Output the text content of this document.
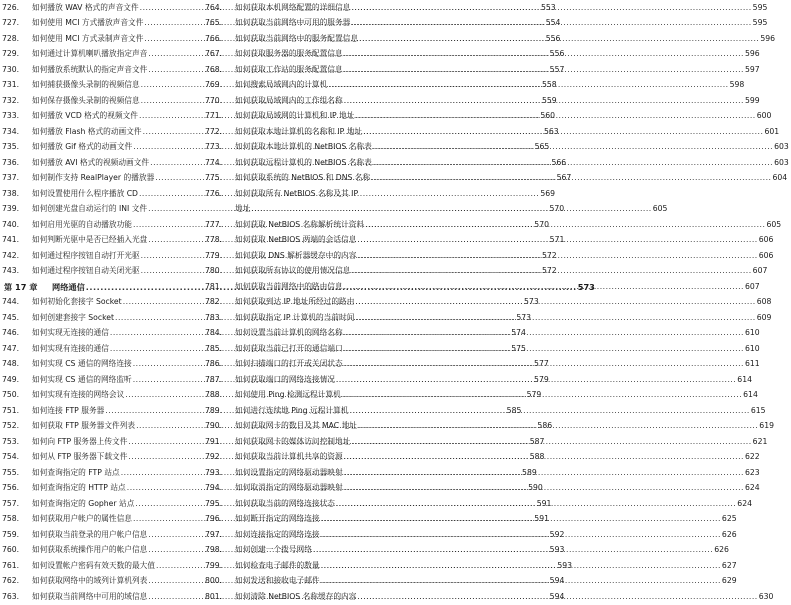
726.	如何播放 WAV 格式的声音文件 .....	553
727.	如何使用 MCI 方式播放声音文件 .....	554
728.	如何使用 MCI 方式录制声音文件 .....	556
729.	如何通过计算机喇叭播放指定声音 .....	556
730.	如何播放系统默认的指定声音文件 .....	557
731.	如何捕获摄像头录制的视频信息 .....	558
732.	如何保存摄像头录制的视频信息 .....	559
733.	如何播放 VCD 格式的视频文件 .....	560
734.	如何播放 Flash 格式的动画文件 .....	563
735.	如何播放 Gif 格式的动画文件 .....	565
736.	如何播放 AVI 格式的视频动画文件 .....	566
737.	如何制作支持 RealPlayer 的播放器 .....	567
738.	如何设置使用什么程序播放 CD .....	569
739.	如何创建光盘自动运行的 INI 文件 .....	570
740.	如何启用光驱的自动播放功能 .....	570
741.	如何判断光驱中是否已经插入光盘 .....	571
742.	如何通过程序按钮自动打开光驱 .....	572
743.	如何通过程序按钮自动关闭光驱 .....	572
第 17 章	网络通信 .....	573
744.	如何初始化套接字 Socket .....	573
745.	如何创建套接字 Socket .....	573
746.	如何实现无连接的通信 .....	574
747.	如何实现有连接的通信 .....	575
748.	如何实现 CS 通信的网络连接 .....	577
749.	如何实现 CS 通信的网络监听 .....	579
750.	如何实现有连接的网络会议 .....	579
751.	如何连接 FTP 服务器 .....	585
752.	如何获取 FTP 服务器文件列表 .....	586
753.	如何向 FTP 服务器上传文件 .....	587
754.	如何从 FTP 服务器下载文件 .....	588
755.	如何查询指定的 FTP 站点 .....	589
756.	如何查询指定的 HTTP 站点 .....	590
757.	如何查询指定的 Gopher 站点 .....	591
758.	如何获取用户帐户的属性信息 .....	591
759.	如何获取当前登录的用户帐户信息 .....	592
760.	如何获取系统操作用户的帐户信息 .....	593
761.	如何设置帐户密码有效天数的最大值 .....	593
762.	如何获取网络中的域列计算机列表 .....	594
763.	如何获取当前网络中可用的域信息 .....	594
764.	如何获取本机网络配置的详细信息 .....	595
765.	如何获取当前网络中可用的服务器 .....	595
766.	如何获取当前网络中的服务配置信息 .....	596
767.	如何获取服务器的服务配置信息 .....	596
768.	如何获取工作站的服务配置信息 .....	597
769.	如何搜索局域网内的计算机 .....	598
770.	如何获取局域网内的工作组名称 .....	599
771.	如何获取局域网的计算机和 IP 地址 .....	600
772.	如何获取本地计算机的名称和 IP 地址 .....	601
773.	如何获取本地计算机的 NetBIOS 名称表 .....	603
774.	如何获取远程计算机的 NetBIOS 名称表 .....	603
775.	如何获取系统的 NetBIOS 和 DNS 名称 .....	604
776.	如何获取所有 NetBIOS 名称及其 IP
地址 .....	605
777.	如何获取 NetBIOS 名称解析统计资料 .....	605
778.	如何获取 NetBIOS 两端的会话信息 .....	606
779.	如何获取 DNS 解析器缓存中的内容 .....	606
780.	如何获取所有协议的使用情况信息 .....	607
781.	如何获取当前网络中的路由信息 .....	607
782.	如何获取到达 IP 地址所经过的路由 .....	608
783.	如何获取指定 IP 计算机的当前时间 .....	609
784.	如何设置当前计算机的网络名称 .....	610
785.	如何获取当前已打开的通信端口 .....	610
786.	如何扫描端口的打开或关闭状态 .....	611
787.	如何获取端口的网络连接情况 .....	614
788.	如何使用 Ping 检测远程计算机 .....	614
789.	如何进行连续地 Ping 远程计算机 .....	615
790.	如何获取网卡的数目及其 MAC 地址 .....	619
791.	如何获取网卡的媒体访问控制地址 .....	621
792.	如何获取当前计算机共享的资源 .....	622
793.	如何设置指定的网络驱动器映射 .....	623
794.	如何取消指定的网络驱动器映射 .....	624
795.	如何获取当前的网络连接状态 .....	624
796.	如何断开指定的网络连接 .....	625
797.	如何连接指定的网络连接 .....	626
798.	如何创建一个拨号网络 .....	626
799.	如何检查电子邮件的数量 .....	627
800.	如何发送和接收电子邮件 .....	629
801.	如何清除 NetBIOS 名称缓存的内容 .....	630
